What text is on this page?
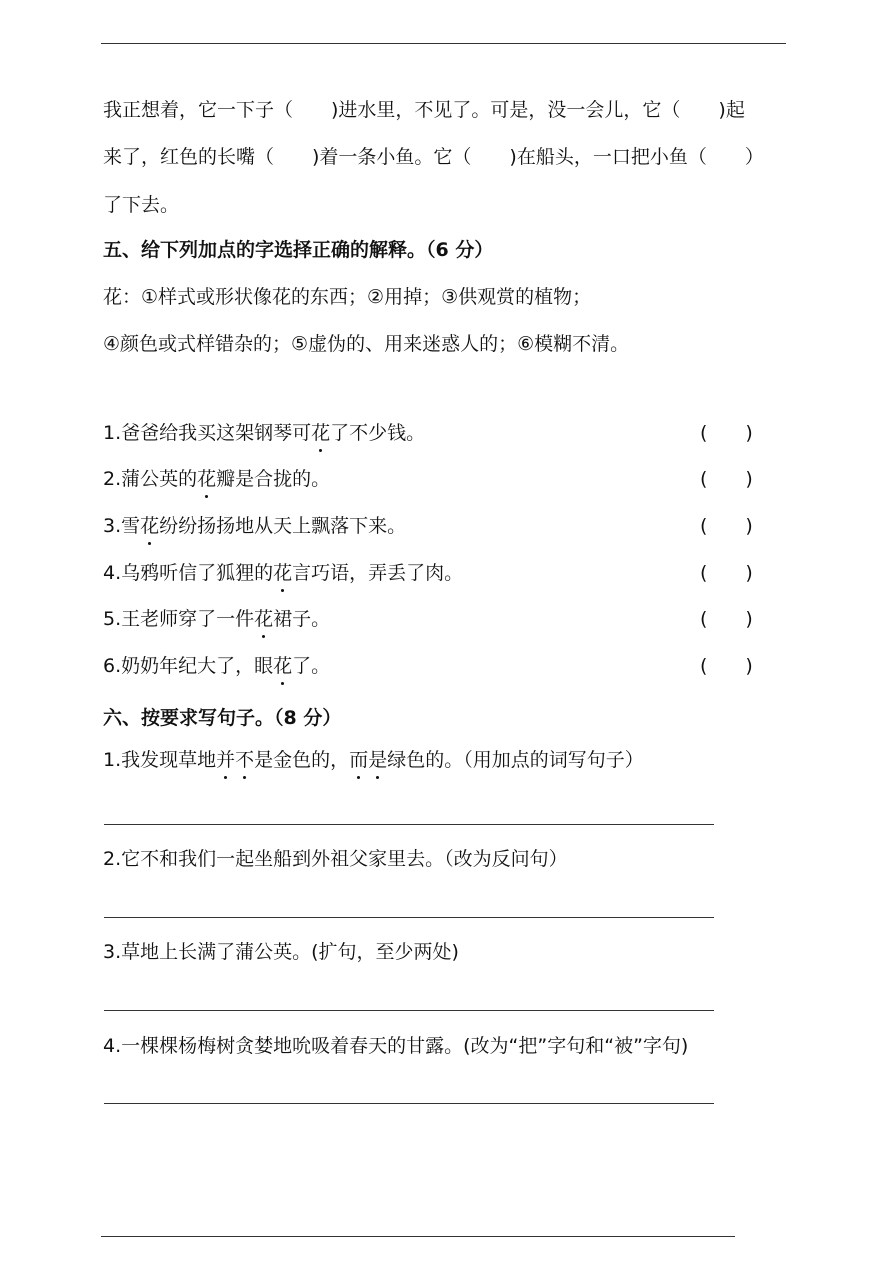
我正想着，它一下子（　　)进水里，不见了。可是，没一会儿，它（　　)起
来了，红色的长嘴（　　)着一条小鱼。它（　　)在船头，一口把小鱼（　　）
了下去。
五、给下列加点的字选择正确的解释。（6 分）
花：①样式或形状像花的东西；②用掉；③供观赏的植物；
④颜色或式样错杂的；⑤虚伪的、用来迷惑人的；⑥模糊不清。
1.爸爸给我买这架钢琴可花了不少钱。	(　　)
2.蒲公英的花瓣是合拢的。	(　　)
3.雪花纷纷扬扬地从天上飘落下来。	(　　)
4.乌鸦听信了狐狸的花言巧语，弄丢了肉。	(　　)
5.王老师穿了一件花裙子。	(　　)
6.奶奶年纪大了，眼花了。	(　　)
六、按要求写句子。（8 分）
1.我发现草地并不是金色的，而是绿色的。（用加点的词写句子）
2.它不和我们一起坐船到外祖父家里去。（改为反问句）
3.草地上长满了蒲公英。(扩句，至少两处)
4.一棵棵杨梅树贪婪地吮吸着春天的甘露。(改为“把”字句和“被”字句)
